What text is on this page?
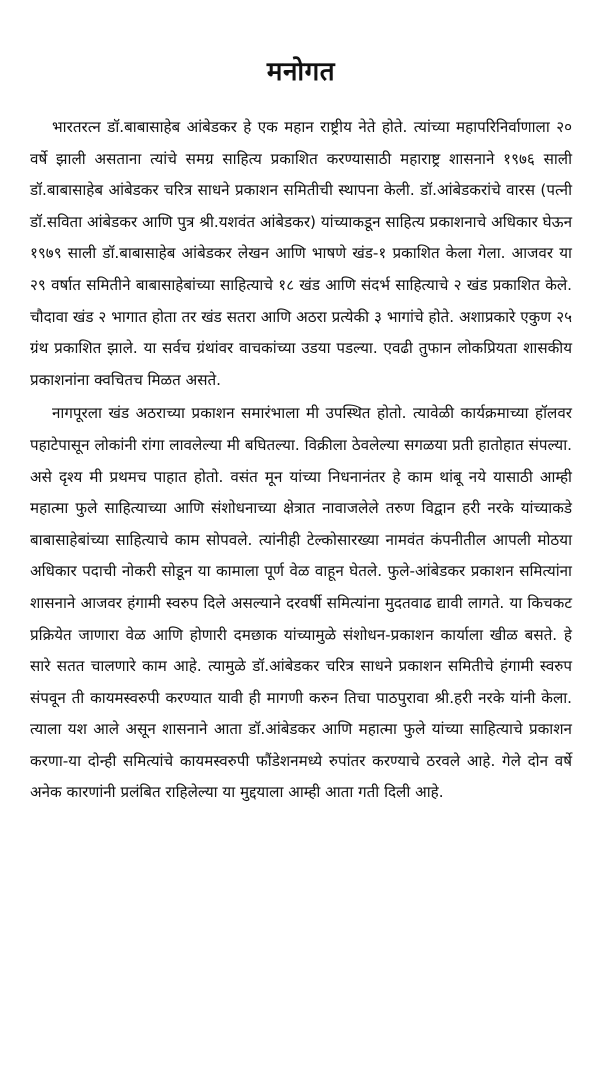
मनोगत

भारतरत्न डॉ.बाबासाहेब आंबेडकर हे एक महान राष्ट्रीय नेते होते. त्यांच्या महापरिनिर्वाणाला २० वर्षे झाली असताना त्यांचे समग्र साहित्य प्रकाशित करण्यासाठी महाराष्ट्र शासनाने १९७६ साली डॉ.बाबासाहेब आंबेडकर चरित्र साधने प्रकाशन समितीची स्थापना केली. डॉ.आंबेडकरांचे वारस (पत्नी डॉ.सविता आंबेडकर आणि पुत्र श्री.यशवंत आंबेडकर) यांच्याकडून साहित्य प्रकाशनाचे अधिकार घेऊन १९७९ साली डॉ.बाबासाहेब आंबेडकर लेखन आणि भाषणे खंड-१ प्रकाशित केला गेला. आजवर या २९ वर्षात समितीने बाबासाहेबांच्या साहित्याचे १८ खंड आणि संदर्भ साहित्याचे २ खंड प्रकाशित केले. चौदावा खंड २ भागात होता तर खंड सतरा आणि अठरा प्रत्येकी ३ भागांचे होते. अशाप्रकारे एकुण २५ ग्रंथ प्रकाशित झाले. या सर्वच ग्रंथांवर वाचकांच्या उडया पडल्या. एवढी तुफान लोकप्रियता शासकीय प्रकाशनांना क्वचितच मिळत असते.

नागपूरला खंड अठराच्या प्रकाशन समारंभाला मी उपस्थित होतो. त्यावेळी कार्यक्रमाच्या हॉलवर पहाटेपासून लोकांनी रांगा लावलेल्या मी बघितल्या. विक्रीला ठेवलेल्या सगळया प्रती हातोहात संपल्या. असे दृश्य मी प्रथमच पाहात होतो. वसंत मून यांच्या निधनानंतर हे काम थांबू नये यासाठी आम्ही महात्मा फुले साहित्याच्या आणि संशोधनाच्या क्षेत्रात नावाजलेले तरुण विद्वान हरी नरके यांच्याकडे बाबासाहेबांच्या साहित्याचे काम सोपवले. त्यांनीही टेल्कोसारख्या नामवंत कंपनीतील आपली मोठया अधिकार पदाची नोकरी सोडून या कामाला पूर्ण वेळ वाहून घेतले. फुले-आंबेडकर प्रकाशन समित्यांना शासनाने आजवर हंगामी स्वरुप दिले असल्याने दरवर्षी समित्यांना मुदतवाढ द्यावी लागते. या किचकट प्रक्रियेत जाणारा वेळ आणि होणारी दमछाक यांच्यामुळे संशोधन-प्रकाशन कार्याला खीळ बसते. हे सारे सतत चालणारे काम आहे. त्यामुळे डॉ.आंबेडकर चरित्र साधने प्रकाशन समितीचे हंगामी स्वरुप संपवून ती कायमस्वरुपी करण्यात यावी ही मागणी करुन तिचा पाठपुरावा श्री.हरी नरके यांनी केला. त्याला यश आले असून शासनाने आता डॉ.आंबेडकर आणि महात्मा फुले यांच्या साहित्याचे प्रकाशन करणा-या दोन्ही समित्यांचे कायमस्वरुपी फौंडेशनमध्ये रुपांतर करण्याचे ठरवले आहे. गेले दोन वर्षे अनेक कारणांनी प्रलंबित राहिलेल्या या मुद्दयाला आम्ही आता गती दिली आहे.
